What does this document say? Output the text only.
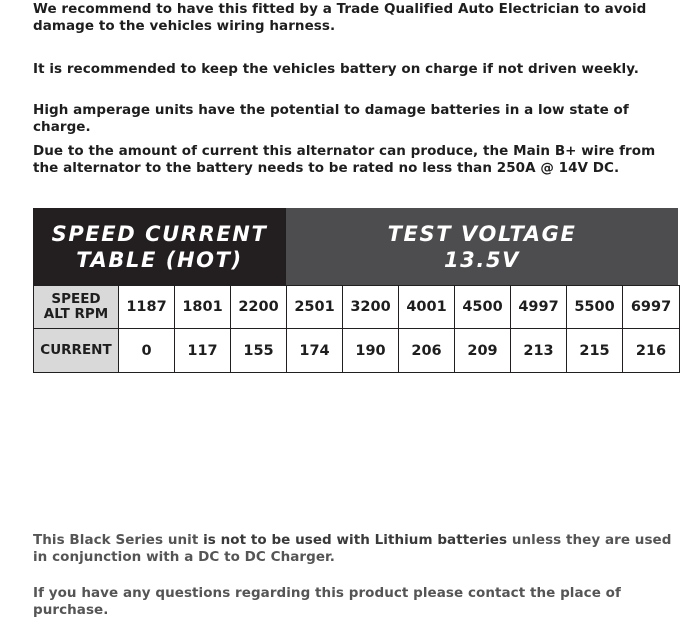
We recommend to have this fitted by a Trade Qualified Auto Electrician to avoid damage to the vehicles wiring harness.

It is recommended to keep the vehicles battery on charge if not driven weekly.

High amperage units have the potential to damage batteries in a low state of charge.

Due to the amount of current this alternator can produce, the Main B+ wire from the alternator to the battery needs to be rated no less than 250A @ 14V DC.

SPEED CURRENT
TABLE (HOT)
TEST VOLTAGE
13.5V
SPEED
ALT RPM	1187	1801	2200	2501	3200	4001	4500	4997	5500	6997
CURRENT	0	117	155	174	190	206	209	213	215	216

This Black Series unit is not to be used with Lithium batteries unless they are used in conjunction with a DC to DC Charger.

If you have any questions regarding this product please contact the place of purchase.
